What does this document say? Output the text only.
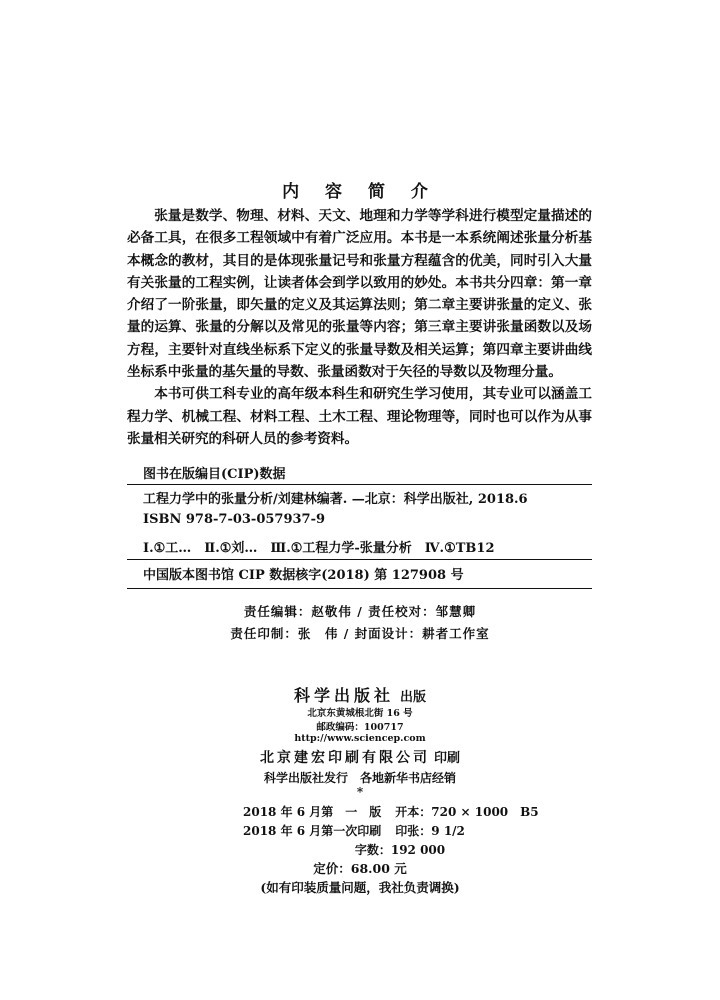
内 容 简 介

张量是数学、物理、材料、天文、地理和力学等学科进行模型定量描述的必备工具，在很多工程领域中有着广泛应用。本书是一本系统阐述张量分析基本概念的教材，其目的是体现张量记号和张量方程蕴含的优美，同时引入大量有关张量的工程实例，让读者体会到学以致用的妙处。本书共分四章：第一章介绍了一阶张量，即矢量的定义及其运算法则；第二章主要讲张量的定义、张量的运算、张量的分解以及常见的张量等内容；第三章主要讲张量函数以及场方程，主要针对直线坐标系下定义的张量导数及相关运算；第四章主要讲曲线坐标系中张量的基矢量的导数、张量函数对于矢径的导数以及物理分量。

本书可供工科专业的高年级本科生和研究生学习使用，其专业可以涵盖工程力学、机械工程、材料工程、土木工程、理论物理等，同时也可以作为从事张量相关研究的科研人员的参考资料。

图书在版编目(CIP)数据
工程力学中的张量分析/刘建林编著. —北京：科学出版社, 2018.6
ISBN 978-7-03-057937-9
Ⅰ.①工…　Ⅱ.①刘…　Ⅲ.①工程力学-张量分析　Ⅳ.①TB12
中国版本图书馆 CIP 数据核字(2018) 第 127908 号
责任编辑：赵敬伟 / 责任校对：邹慧卿
责任印制：张　伟 / 封面设计：耕者工作室
科学出版社 出版
北京东黄城根北街 16 号
邮政编码：100717
http://www.sciencep.com
北京建宏印刷有限公司 印刷
科学出版社发行　各地新华书店经销
*
2018 年 6 月第　一　版 开本：720 × 1000　B5
2018 年 6 月第一次印刷 印张：9 1/2
字数：192 000
定价：68.00 元
(如有印装质量问题，我社负责调换)
